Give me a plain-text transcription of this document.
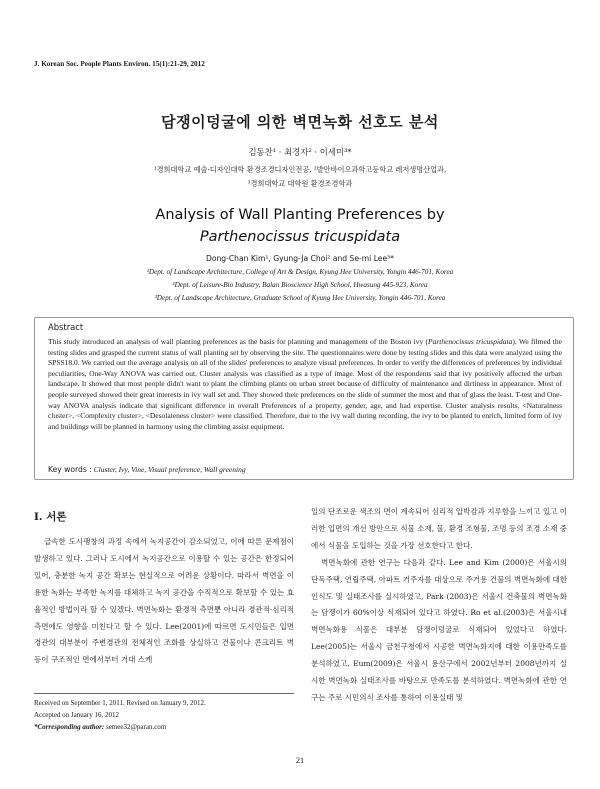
J. Korean Soc. People Plants Environ. 15(1):21-29, 2012
담쟁이덩굴에 의한 벽면녹화 선호도 분석
김동찬¹ · 최경자² · 이세미³*
¹경희대학교 예술·디자인대학 환경조경디자인전공, ²발안바이오과학고등학교 레저생명산업과,
³경희대학교 대학원 환경조경학과
Analysis of Wall Planting Preferences by
Parthenocissus tricuspidata
Dong-Chan Kim¹, Gyung-Ja Choi² and Se-mi Lee³*
¹Dept. of Landscape Architecture, College of Art & Design, Kyung Hee University, Yongin 446-701, Korea
²Dept. of Leisure-Bio Industry, Balan Bioscience High School, Hwasung 445-923, Korea
³Dept. of Landscape Architecture, Graduate School of Kyung Hee University, Yongin 446-701, Korea
Abstract
This study introduced an analysis of wall planting preferences as the basis for planning and management of the Boston ivy (Parthenocissus tricuspidata). We filmed the testing slides and grasped the current status of wall planting set by observing the site. The questionnaires were done by testing slides and this data were analyzed using the SPSS18.0. We carried out the average analysis on all of the slides' preferences to analyze visual preferences. In order to verify the differences of preferences by individual peculiarities, One-Way ANOVA was carried out. Cluster analysis was classified as a type of image. Most of the respondents said that ivy positively affected the urban landscape. It showed that most people didn't want to plant the climbing plants on urban street because of difficulty of maintenance and dirtiness in appearance. Most of people surveyed showed their great interests in ivy wall set and. They showed their preferences on the slide of summer the most and that of glass the least. T-test and One-way ANOVA analysis indicate that significant difference in overall Preferences of a property, gender, age, and had expertise. Cluster analysis results, <Naturalness cluster>, <Complexity cluster>, <Desolateness cluster> were classified. Therefore, due to the ivy wall during recording, the ivy to be planted to enrich, limited form of ivy and buildings will be planned in harmony using the climbing assist equipment.
Key words : Cluster, Ivy, Vine, Visual preference, Wall greening
Ⅰ. 서론

급속한 도시팽창의 과정 속에서 녹지공간이 감소되었고, 이에 따른 문제점이 발생하고 있다. 그러나 도시에서 녹지공간으로 이용할 수 있는 공간은 한정되어 있어, 충분한 녹지 공간 확보는 현실적으로 어려운 상황이다. 따라서 벽면을 이용한 녹화는 부족한 녹지를 대체하고 녹지 공간을 수직적으로 확보할 수 있는 효율적인 방법이라 할 수 있겠다. 벽면녹화는 환경적 측면뿐 아니라 경관적·심리적 측면에도 영향을 미친다고 할 수 있다. Lee(2001)에 따르면 도시민들은 입면 경관의 대부분이 주변경관의 전체적인 조화를 상실하고 건물이나 콘크리트 벽 등이 구조적인 면에서부터 거대 스케

일의 단조로운 색조의 면이 계속되어 심리적 압박감과 지루함을 느끼고 있고 이러한 입면의 개선 방안으로 식물 소재, 물, 환경 조형물, 조명 등의 조경 소재 중에서 식물을 도입하는 것을 가장 선호한다고 한다.

벽면녹화에 관한 연구는 다음과 같다. Lee and Kim (2000)은 서울시의 단독주택, 연립주택, 아파트 거주자를 대상으로 주거용 건물의 벽면녹화에 대한 인식도 및 실태조사를 실시하였고, Park (2003)은 서울시 건축물의 벽면녹화는 담쟁이가 60%이상 식재되어 있다고 하였다. Ro et al.(2003)은 서울시내 벽면녹화용 식물은 대부분 담쟁이덩굴로 식재되어 있었다고 하였다. Lee(2005)는 서울시 금천구청에서 시공한 벽면녹화지에 대한 이용만족도를 분석하였고, Eum(2009)은 서울시 용산구에서 2002년부터 2008년까지 실시한 벽면녹화 실태조사를 바탕으로 만족도를 분석하였다. 벽면녹화에 관한 연구는 주로 시민의식 조사를 통하여 이용실태 및

Received on September 1, 2011. Revised on January 9, 2012.
Accepted on January 16, 2012
*Corresponding author: semee32@paran.com
21
